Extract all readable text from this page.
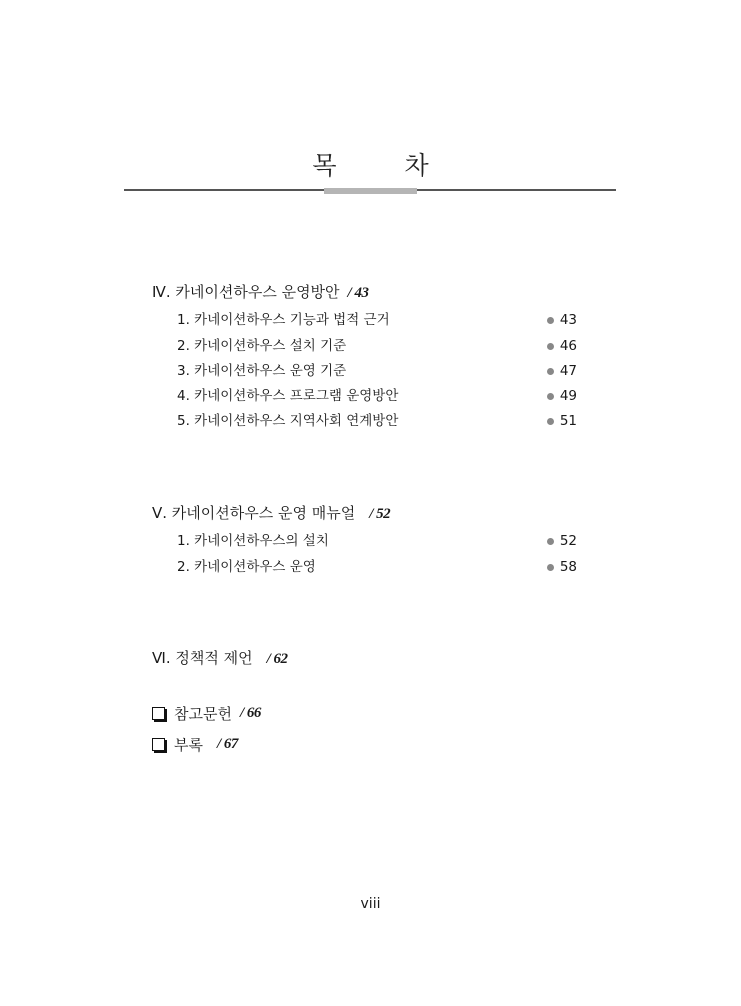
목 차
Ⅳ. 카네이션하우스 운영방안 / 43
1. 카네이션하우스 기능과 법적 근거	43
2. 카네이션하우스 설치 기준	46
3. 카네이션하우스 운영 기준	47
4. 카네이션하우스 프로그램 운영방안	49
5. 카네이션하우스 지역사회 연계방안	51
Ⅴ. 카네이션하우스 운영 매뉴얼 / 52
1. 카네이션하우스의 설치	52
2. 카네이션하우스 운영	58
Ⅵ. 정책적 제언 / 62
참고문헌 / 66
부록 / 67
viii
